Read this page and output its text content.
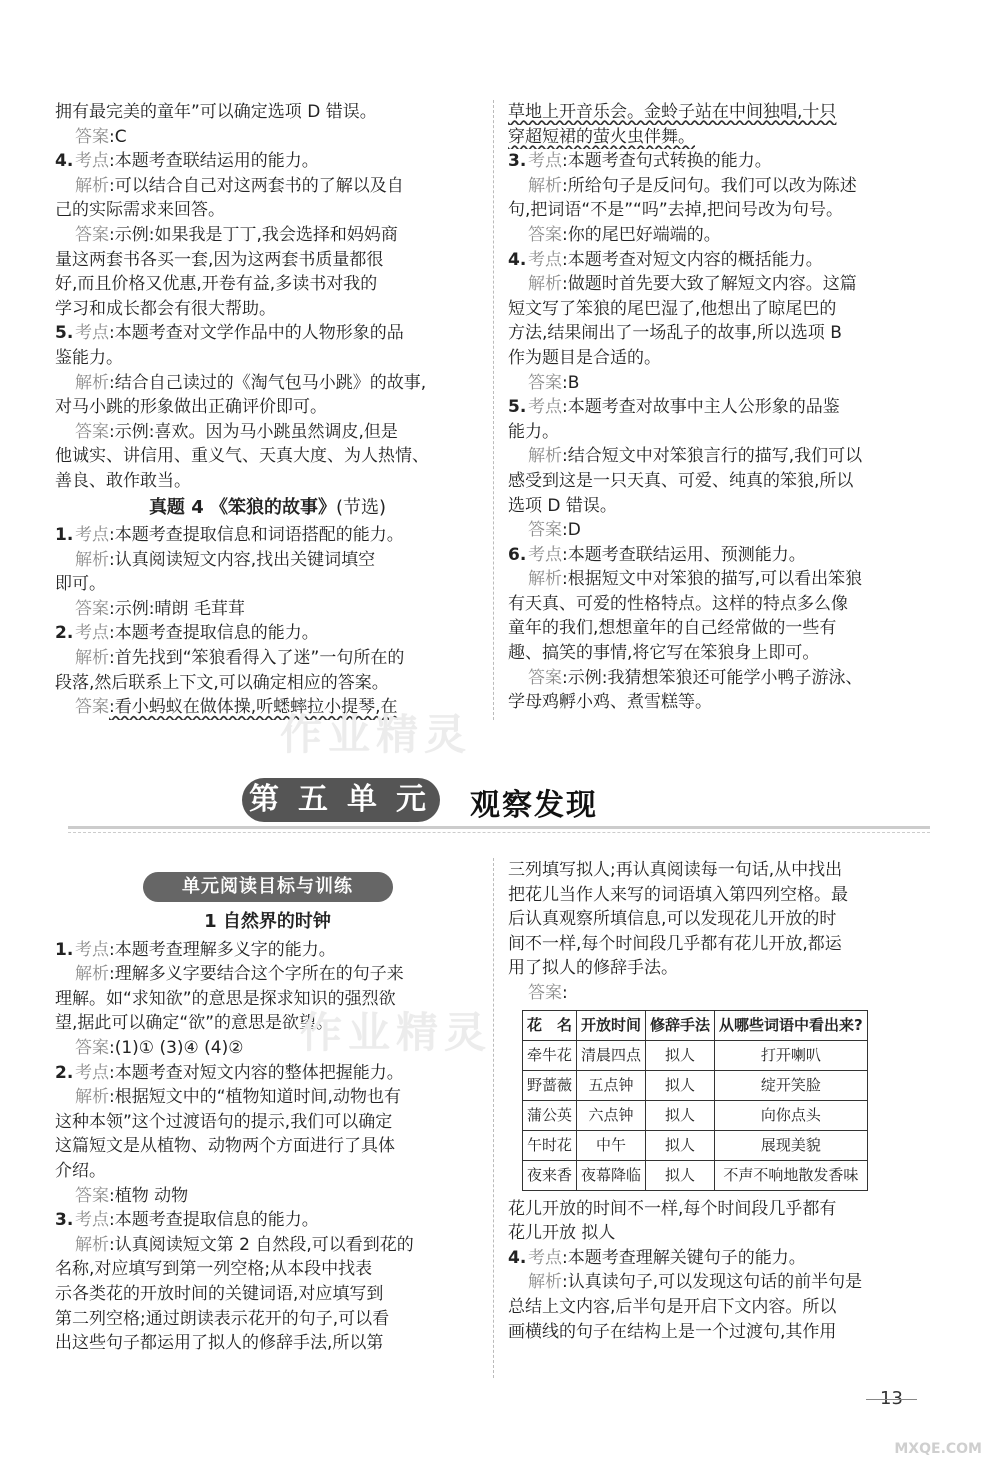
拥有最完美的童年”可以确定选项 D 错误。
答案:C
4. 考点:本题考查联结运用的能力。
解析:可以结合自己对这两套书的了解以及自
己的实际需求来回答。
答案:示例:如果我是丁丁,我会选择和妈妈商
量这两套书各买一套,因为这两套书质量都很
好,而且价格又优惠,开卷有益,多读书对我的
学习和成长都会有很大帮助。
5. 考点:本题考查对文学作品中的人物形象的品
鉴能力。
解析:结合自己读过的《淘气包马小跳》的故事,
对马小跳的形象做出正确评价即可。
答案:示例:喜欢。因为马小跳虽然调皮,但是
他诚实、讲信用、重义气、天真大度、为人热情、
善良、敢作敢当。
真题 4 《笨狼的故事》(节选)
1. 考点:本题考查提取信息和词语搭配的能力。
解析:认真阅读短文内容,找出关键词填空
即可。
答案:示例:晴朗 毛茸茸
2. 考点:本题考查提取信息的能力。
解析:首先找到“笨狼看得入了迷”一句所在的
段落,然后联系上下文,可以确定相应的答案。
答案:看小蚂蚁在做体操,听蟋蟀拉小提琴,在
草地上开音乐会。金蛉子站在中间独唱,十只
穿超短裙的萤火虫伴舞。
3. 考点:本题考查句式转换的能力。
解析:所给句子是反问句。我们可以改为陈述
句,把词语“不是”“吗”去掉,把问号改为句号。
答案:你的尾巴好端端的。
4. 考点:本题考查对短文内容的概括能力。
解析:做题时首先要大致了解短文内容。这篇
短文写了笨狼的尾巴湿了,他想出了晾尾巴的
方法,结果闹出了一场乱子的故事,所以选项 B
作为题目是合适的。
答案:B
5. 考点:本题考查对故事中主人公形象的品鉴
能力。
解析:结合短文中对笨狼言行的描写,我们可以
感受到这是一只天真、可爱、纯真的笨狼,所以
选项 D 错误。
答案:D
6. 考点:本题考查联结运用、预测能力。
解析:根据短文中对笨狼的描写,可以看出笨狼
有天真、可爱的性格特点。这样的特点多么像
童年的我们,想想童年的自己经常做的一些有
趣、搞笑的事情,将它写在笨狼身上即可。
答案:示例:我猜想笨狼还可能学小鸭子游泳、
学母鸡孵小鸡、煮雪糕等。
第 五 单 元	观察发现
单元阅读目标与训练
1 自然界的时钟
1. 考点:本题考查理解多义字的能力。
解析:理解多义字要结合这个字所在的句子来
理解。如“求知欲”的意思是探求知识的强烈欲
望,据此可以确定“欲”的意思是欲望。
答案:(1)① (3)④ (4)②
2. 考点:本题考查对短文内容的整体把握能力。
解析:根据短文中的“植物知道时间,动物也有
这种本领”这个过渡语句的提示,我们可以确定
这篇短文是从植物、动物两个方面进行了具体
介绍。
答案:植物 动物
3. 考点:本题考查提取信息的能力。
解析:认真阅读短文第 2 自然段,可以看到花的
名称,对应填写到第一列空格;从本段中找表
示各类花的开放时间的关键词语,对应填写到
第二列空格;通过朗读表示花开的句子,可以看
出这些句子都运用了拟人的修辞手法,所以第
三列填写拟人;再认真阅读每一句话,从中找出
把花儿当作人来写的词语填入第四列空格。最
后认真观察所填信息,可以发现花儿开放的时
间不一样,每个时间段几乎都有花儿开放,都运
用了拟人的修辞手法。
答案:
花　名	开放时间	修辞手法	从哪些词语中看出来?
牵牛花	清晨四点	拟人	打开喇叭
野蔷薇	五点钟	拟人	绽开笑脸
蒲公英	六点钟	拟人	向你点头
午时花	中午	拟人	展现美貌
夜来香	夜幕降临	拟人	不声不响地散发香味
花儿开放的时间不一样,每个时间段几乎都有
花儿开放 拟人
4. 考点:本题考查理解关键句子的能力。
解析:认真读句子,可以发现这句话的前半句是
总结上文内容,后半句是开启下文内容。所以
画横线的句子在结构上是一个过渡句,其作用
作业精灵
作业精灵
13
MXQE.COM
